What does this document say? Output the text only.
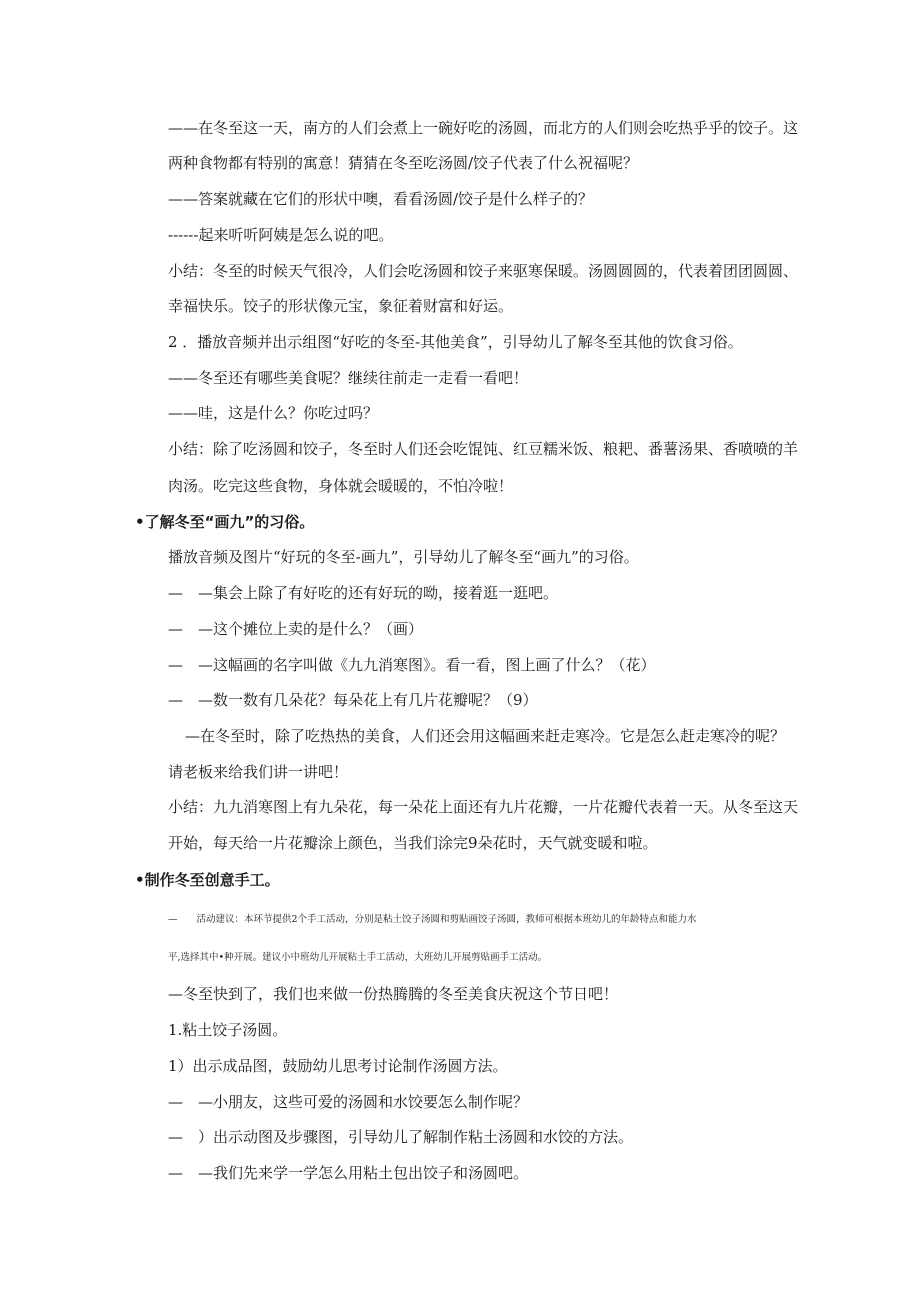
——在冬至这一天，南方的人们会煮上一碗好吃的汤圆，而北方的人们则会吃热乎乎的饺子。这
两种食物都有特别的寓意！猜猜在冬至吃汤圆/饺子代表了什么祝福呢？
——答案就藏在它们的形状中噢，看看汤圆/饺子是什么样子的？
------起来听听阿姨是怎么说的吧。
小结：冬至的时候天气很冷，人们会吃汤圆和饺子来驱寒保暖。汤圆圆圆的，代表着团团圆圆、
幸福快乐。饺子的形状像元宝，象征着财富和好运。
2 ．播放音频并出示组图“好吃的冬至-其他美食”，引导幼儿了解冬至其他的饮食习俗。
——冬至还有哪些美食呢？继续往前走一走看一看吧！
——哇，这是什么？你吃过吗？
小结：除了吃汤圆和饺子，冬至时人们还会吃馄饨、红豆糯米饭、粮耙、番薯汤果、香喷喷的羊
肉汤。吃完这些食物，身体就会暖暖的，不怕冷啦！
•了解冬至“画九”的习俗。
播放音频及图片“好玩的冬至-画九”，引导幼儿了解冬至“画九”的习俗。
— —集会上除了有好吃的还有好玩的呦，接着逛一逛吧。
— —这个摊位上卖的是什么？（画）
— —这幅画的名字叫做《九九消寒图》。看一看，图上画了什么？（花）
— —数一数有几朵花？每朵花上有几片花瓣呢？（9）
—在冬至时，除了吃热热的美食，人们还会用这幅画来赶走寒冷。它是怎么赶走寒冷的呢？
请老板来给我们讲一讲吧！
小结：九九消寒图上有九朵花，每一朵花上面还有九片花瓣，一片花瓣代表着一天。从冬至这天
开始，每天给一片花瓣涂上颜色，当我们涂完9朵花时，天气就变暖和啦。
•制作冬至创意手工。
—　　活动建议：本环节提供2个手工活动，分别是粘土饺子汤圆和剪贴画饺子汤圆，教师可根据本班幼儿的年龄特点和能力水
平,选择其中•种开展。建议小中班幼儿开展粘土手工活动，大班幼儿开展剪贴画手工活动。
—冬至快到了，我们也来做一份热腾腾的冬至美食庆祝这个节日吧！
1.粘土饺子汤圆。
1）出示成品图，鼓励幼儿思考讨论制作汤圆方法。
— —小朋友，这些可爱的汤圆和水饺要怎么制作呢？
— ）出示动图及步骤图，引导幼儿了解制作粘土汤圆和水饺的方法。
— —我们先来学一学怎么用粘土包出饺子和汤圆吧。
